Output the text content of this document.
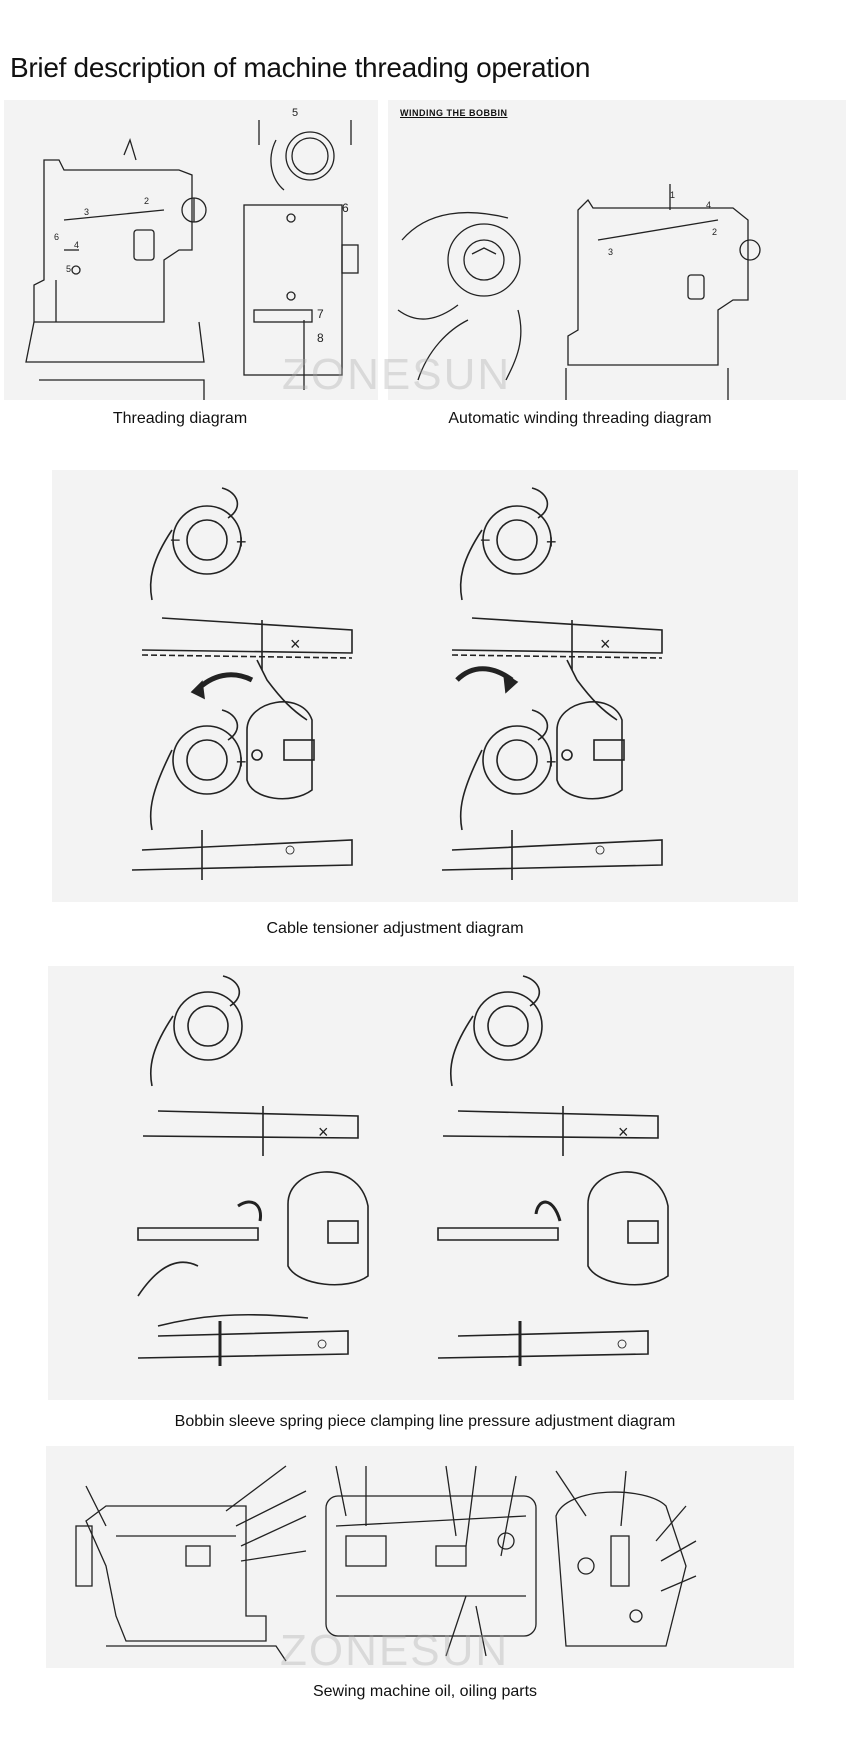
Brief description of machine threading operation
3
2
6
4
5
5
6
7
8
1
4
2
3
WINDING THE BOBBIN
ZONESUN
Threading diagram	Automatic winding threading diagram
+
−
+
×
○
+
−
+
×
○
Cable tensioner adjustment diagram
×
○
×
○
Bobbin sleeve spring piece clamping line pressure adjustment diagram
ZONESUN
Sewing machine oil, oiling parts
